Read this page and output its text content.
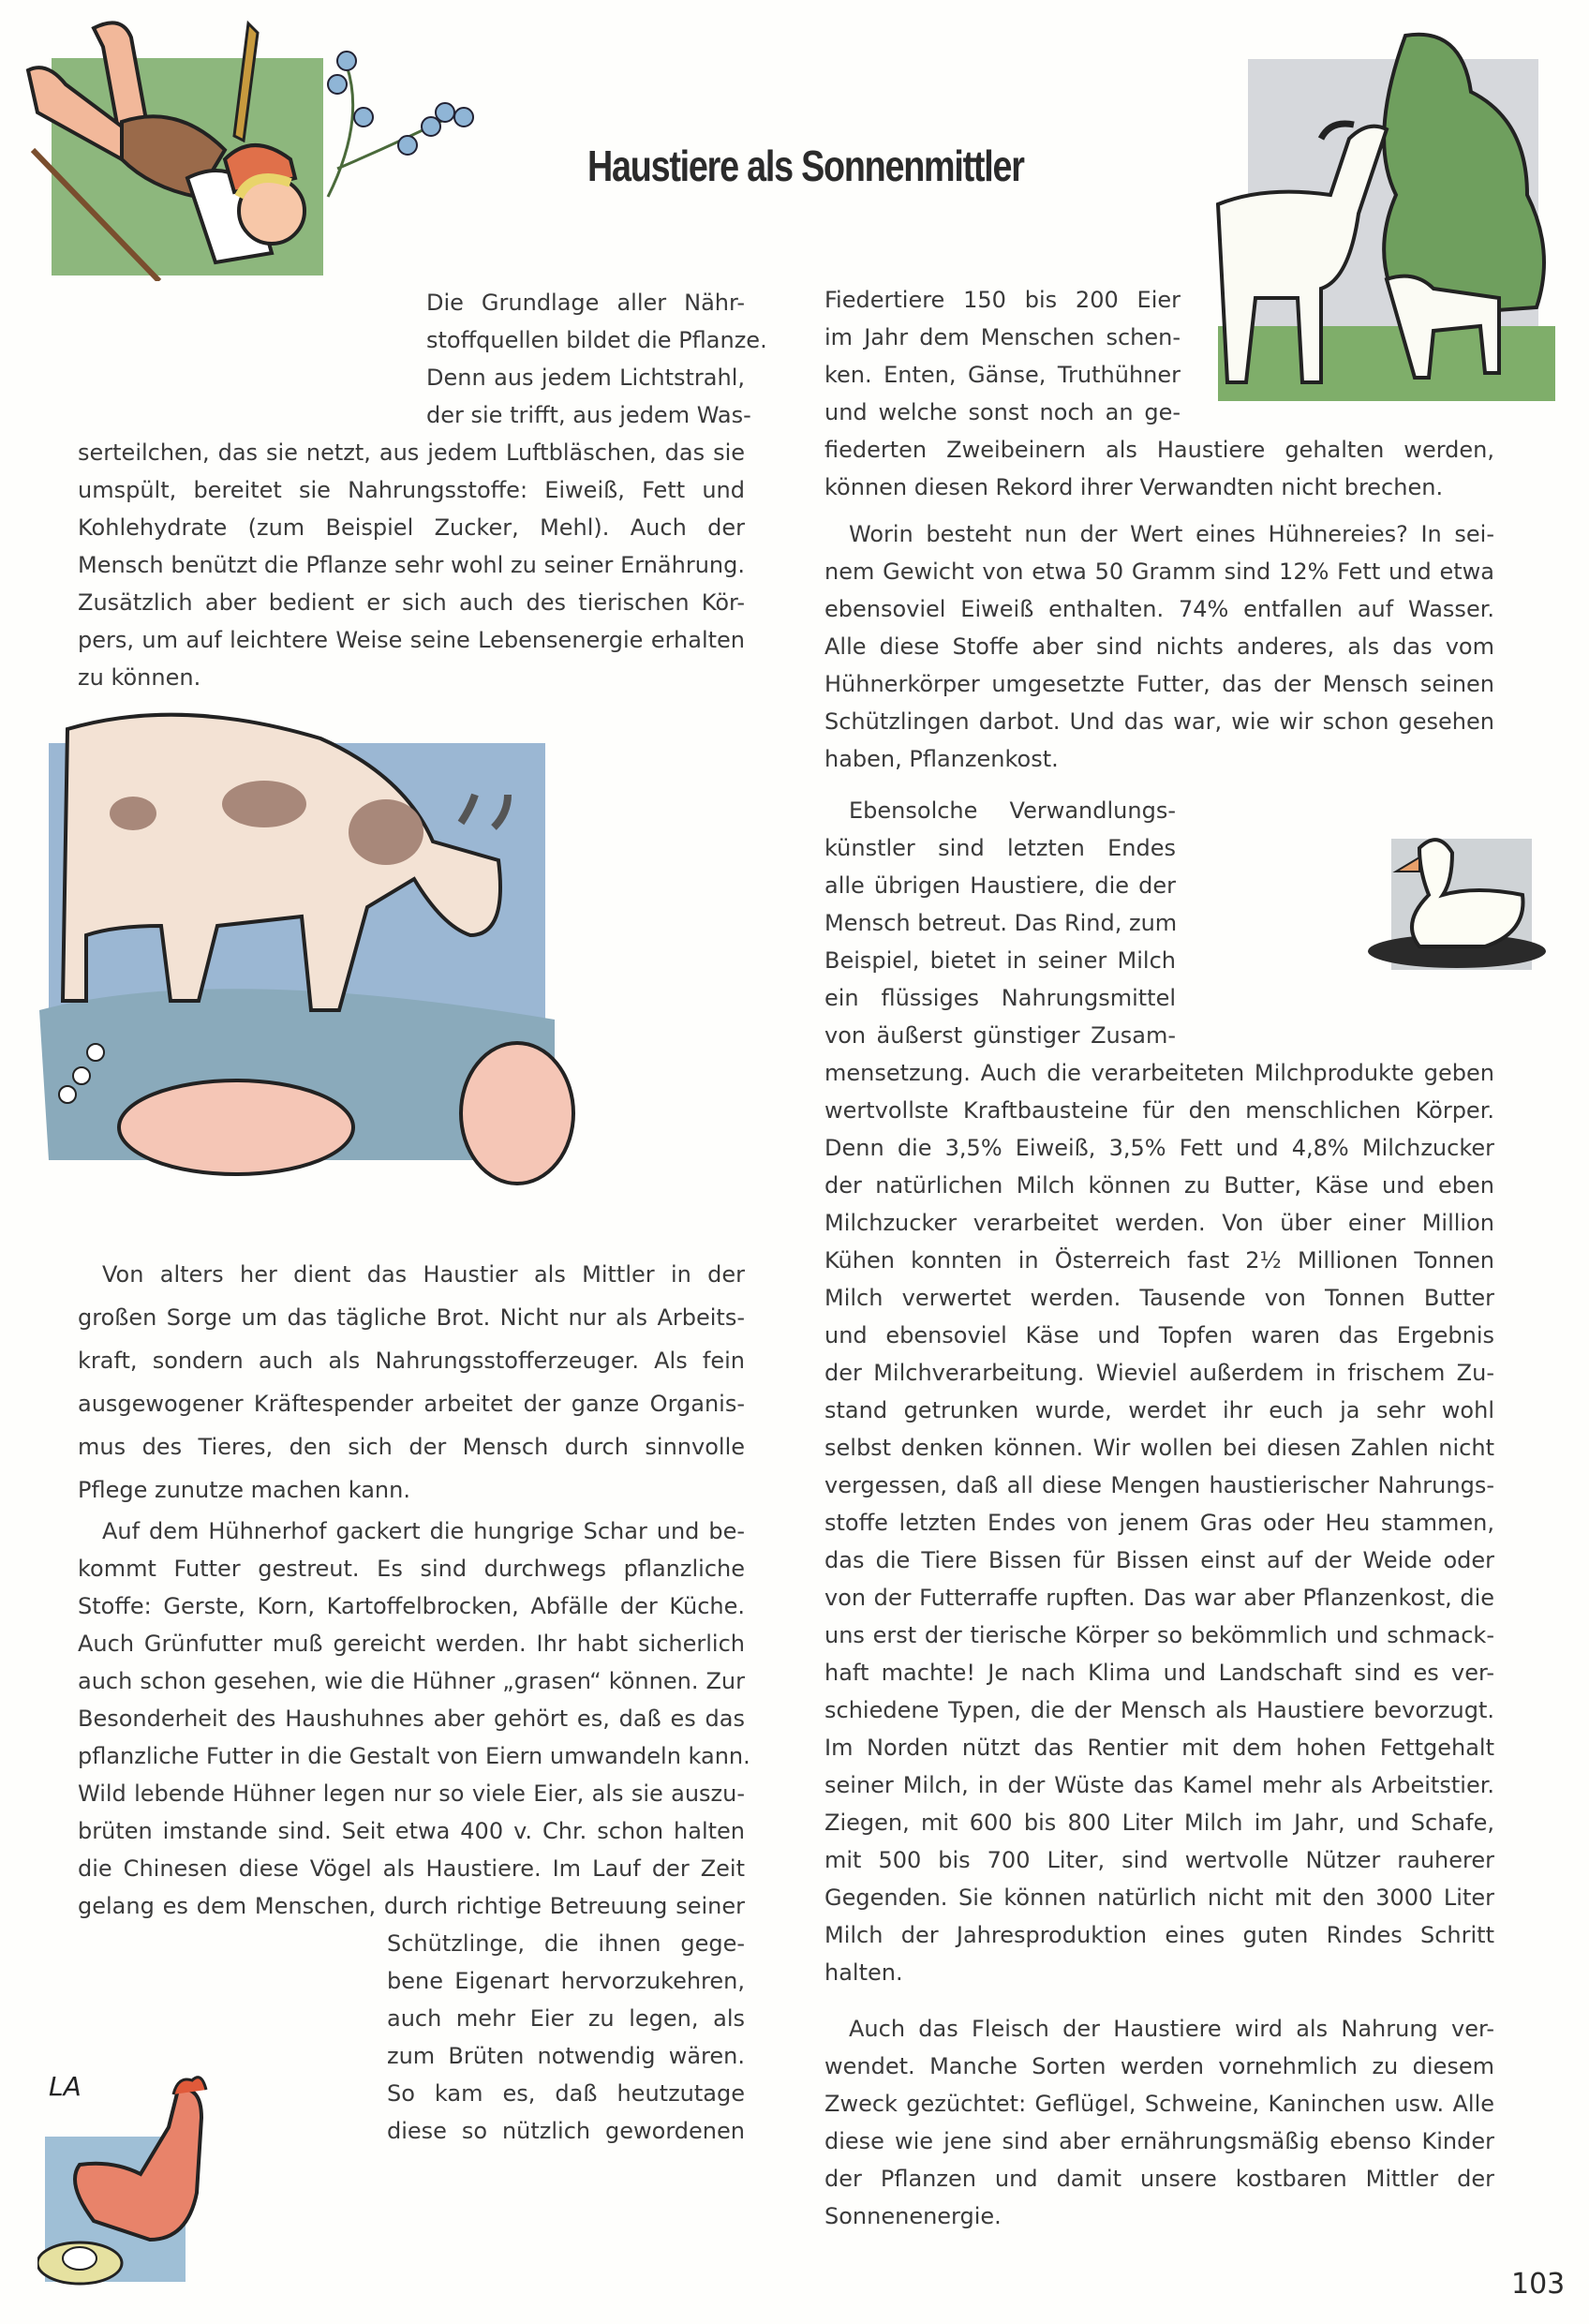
Haustiere als Sonnenmittler
LA
103
Die Grundlage aller Nähr-
stoffquellen bildet die Pflanze.
Denn aus jedem Lichtstrahl,
der sie trifft, aus jedem Was-
serteilchen, das sie netzt, aus jedem Luftbläschen, das sie
umspült, bereitet sie Nahrungsstoffe: Eiweiß, Fett und
Kohlehydrate (zum Beispiel Zucker, Mehl). Auch der
Mensch benützt die Pflanze sehr wohl zu seiner Ernährung.
Zusätzlich aber bedient er sich auch des tierischen Kör-
pers, um auf leichtere Weise seine Lebensenergie erhalten
zu können.
Von alters her dient das Haustier als Mittler in der
großen Sorge um das tägliche Brot. Nicht nur als Arbeits-
kraft, sondern auch als Nahrungsstofferzeuger. Als fein
ausgewogener Kräftespender arbeitet der ganze Organis-
mus des Tieres, den sich der Mensch durch sinnvolle
Pflege zunutze machen kann.
Auf dem Hühnerhof gackert die hungrige Schar und be-
kommt Futter gestreut. Es sind durchwegs pflanzliche
Stoffe: Gerste, Korn, Kartoffelbrocken, Abfälle der Küche.
Auch Grünfutter muß gereicht werden. Ihr habt sicherlich
auch schon gesehen, wie die Hühner „grasen“ können. Zur
Besonderheit des Haushuhnes aber gehört es, daß es das
pflanzliche Futter in die Gestalt von Eiern umwandeln kann.
Wild lebende Hühner legen nur so viele Eier, als sie auszu-
brüten imstande sind. Seit etwa 400 v. Chr. schon halten
die Chinesen diese Vögel als Haustiere. Im Lauf der Zeit
gelang es dem Menschen, durch richtige Betreuung seiner
Schützlinge, die ihnen gege-
bene Eigenart hervorzukehren,
auch mehr Eier zu legen, als
zum Brüten notwendig wären.
So kam es, daß heutzutage
diese so nützlich gewordenen
Fiedertiere 150 bis 200 Eier
im Jahr dem Menschen schen-
ken. Enten, Gänse, Truthühner
und welche sonst noch an ge-
fiederten Zweibeinern als Haustiere gehalten werden,
können diesen Rekord ihrer Verwandten nicht brechen.
Worin besteht nun der Wert eines Hühnereies? In sei-
nem Gewicht von etwa 50 Gramm sind 12% Fett und etwa
ebensoviel Eiweiß enthalten. 74% entfallen auf Wasser.
Alle diese Stoffe aber sind nichts anderes, als das vom
Hühnerkörper umgesetzte Futter, das der Mensch seinen
Schützlingen darbot. Und das war, wie wir schon gesehen
haben, Pflanzenkost.
Ebensolche Verwandlungs-
künstler sind letzten Endes
alle übrigen Haustiere, die der
Mensch betreut. Das Rind, zum
Beispiel, bietet in seiner Milch
ein flüssiges Nahrungsmittel
von äußerst günstiger Zusam-
mensetzung. Auch die verarbeiteten Milchprodukte geben
wertvollste Kraftbausteine für den menschlichen Körper.
Denn die 3,5% Eiweiß, 3,5% Fett und 4,8% Milchzucker
der natürlichen Milch können zu Butter, Käse und eben
Milchzucker verarbeitet werden. Von über einer Million
Kühen konnten in Österreich fast 2½ Millionen Tonnen
Milch verwertet werden. Tausende von Tonnen Butter
und ebensoviel Käse und Topfen waren das Ergebnis
der Milchverarbeitung. Wieviel außerdem in frischem Zu-
stand getrunken wurde, werdet ihr euch ja sehr wohl
selbst denken können. Wir wollen bei diesen Zahlen nicht
vergessen, daß all diese Mengen haustierischer Nahrungs-
stoffe letzten Endes von jenem Gras oder Heu stammen,
das die Tiere Bissen für Bissen einst auf der Weide oder
von der Futterraffe rupften. Das war aber Pflanzenkost, die
uns erst der tierische Körper so bekömmlich und schmack-
haft machte! Je nach Klima und Landschaft sind es ver-
schiedene Typen, die der Mensch als Haustiere bevorzugt.
Im Norden nützt das Rentier mit dem hohen Fettgehalt
seiner Milch, in der Wüste das Kamel mehr als Arbeitstier.
Ziegen, mit 600 bis 800 Liter Milch im Jahr, und Schafe,
mit 500 bis 700 Liter, sind wertvolle Nützer rauherer
Gegenden. Sie können natürlich nicht mit den 3000 Liter
Milch der Jahresproduktion eines guten Rindes Schritt
halten.
Auch das Fleisch der Haustiere wird als Nahrung ver-
wendet. Manche Sorten werden vornehmlich zu diesem
Zweck gezüchtet: Geflügel, Schweine, Kaninchen usw. Alle
diese wie jene sind aber ernährungsmäßig ebenso Kinder
der Pflanzen und damit unsere kostbaren Mittler der
Sonnenenergie.
